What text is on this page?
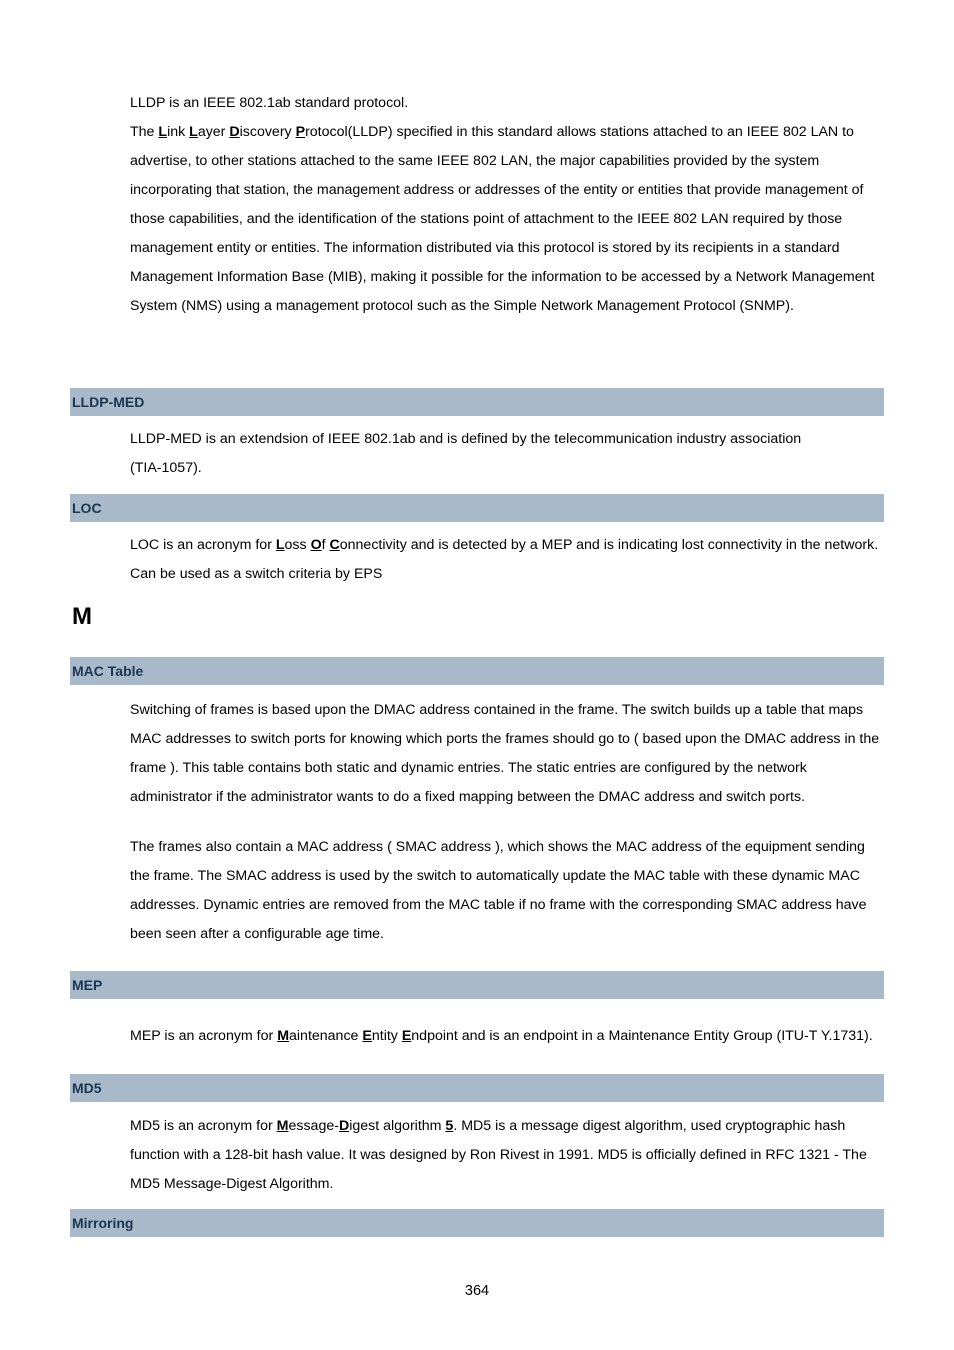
LLDP is an IEEE 802.1ab standard protocol.

The Link Layer Discovery Protocol(LLDP) specified in this standard allows stations attached to an IEEE 802 LAN to advertise, to other stations attached to the same IEEE 802 LAN, the major capabilities provided by the system incorporating that station, the management address or addresses of the entity or entities that provide management of those capabilities, and the identification of the stations point of attachment to the IEEE 802 LAN required by those management entity or entities. The information distributed via this protocol is stored by its recipients in a standard Management Information Base (MIB), making it possible for the information to be accessed by a Network Management System (NMS) using a management protocol such as the Simple Network Management Protocol (SNMP).

LLDP-MED

LLDP-MED is an extendsion of IEEE 802.1ab and is defined by the telecommunication industry association (TIA-1057).

LOC

LOC is an acronym for Loss Of Connectivity and is detected by a MEP and is indicating lost connectivity in the network. Can be used as a switch criteria by EPS

M
MAC Table

Switching of frames is based upon the DMAC address contained in the frame. The switch builds up a table that maps MAC addresses to switch ports for knowing which ports the frames should go to ( based upon the DMAC address in the frame ). This table contains both static and dynamic entries. The static entries are configured by the network administrator if the administrator wants to do a fixed mapping between the DMAC address and switch ports.

The frames also contain a MAC address ( SMAC address ), which shows the MAC address of the equipment sending the frame. The SMAC address is used by the switch to automatically update the MAC table with these dynamic MAC addresses. Dynamic entries are removed from the MAC table if no frame with the corresponding SMAC address have been seen after a configurable age time.

MEP

MEP is an acronym for Maintenance Entity Endpoint and is an endpoint in a Maintenance Entity Group (ITU-T Y.1731).

MD5

MD5 is an acronym for Message-Digest algorithm 5. MD5 is a message digest algorithm, used cryptographic hash function with a 128-bit hash value. It was designed by Ron Rivest in 1991. MD5 is officially defined in RFC 1321 - The MD5 Message-Digest Algorithm.

Mirroring
364
